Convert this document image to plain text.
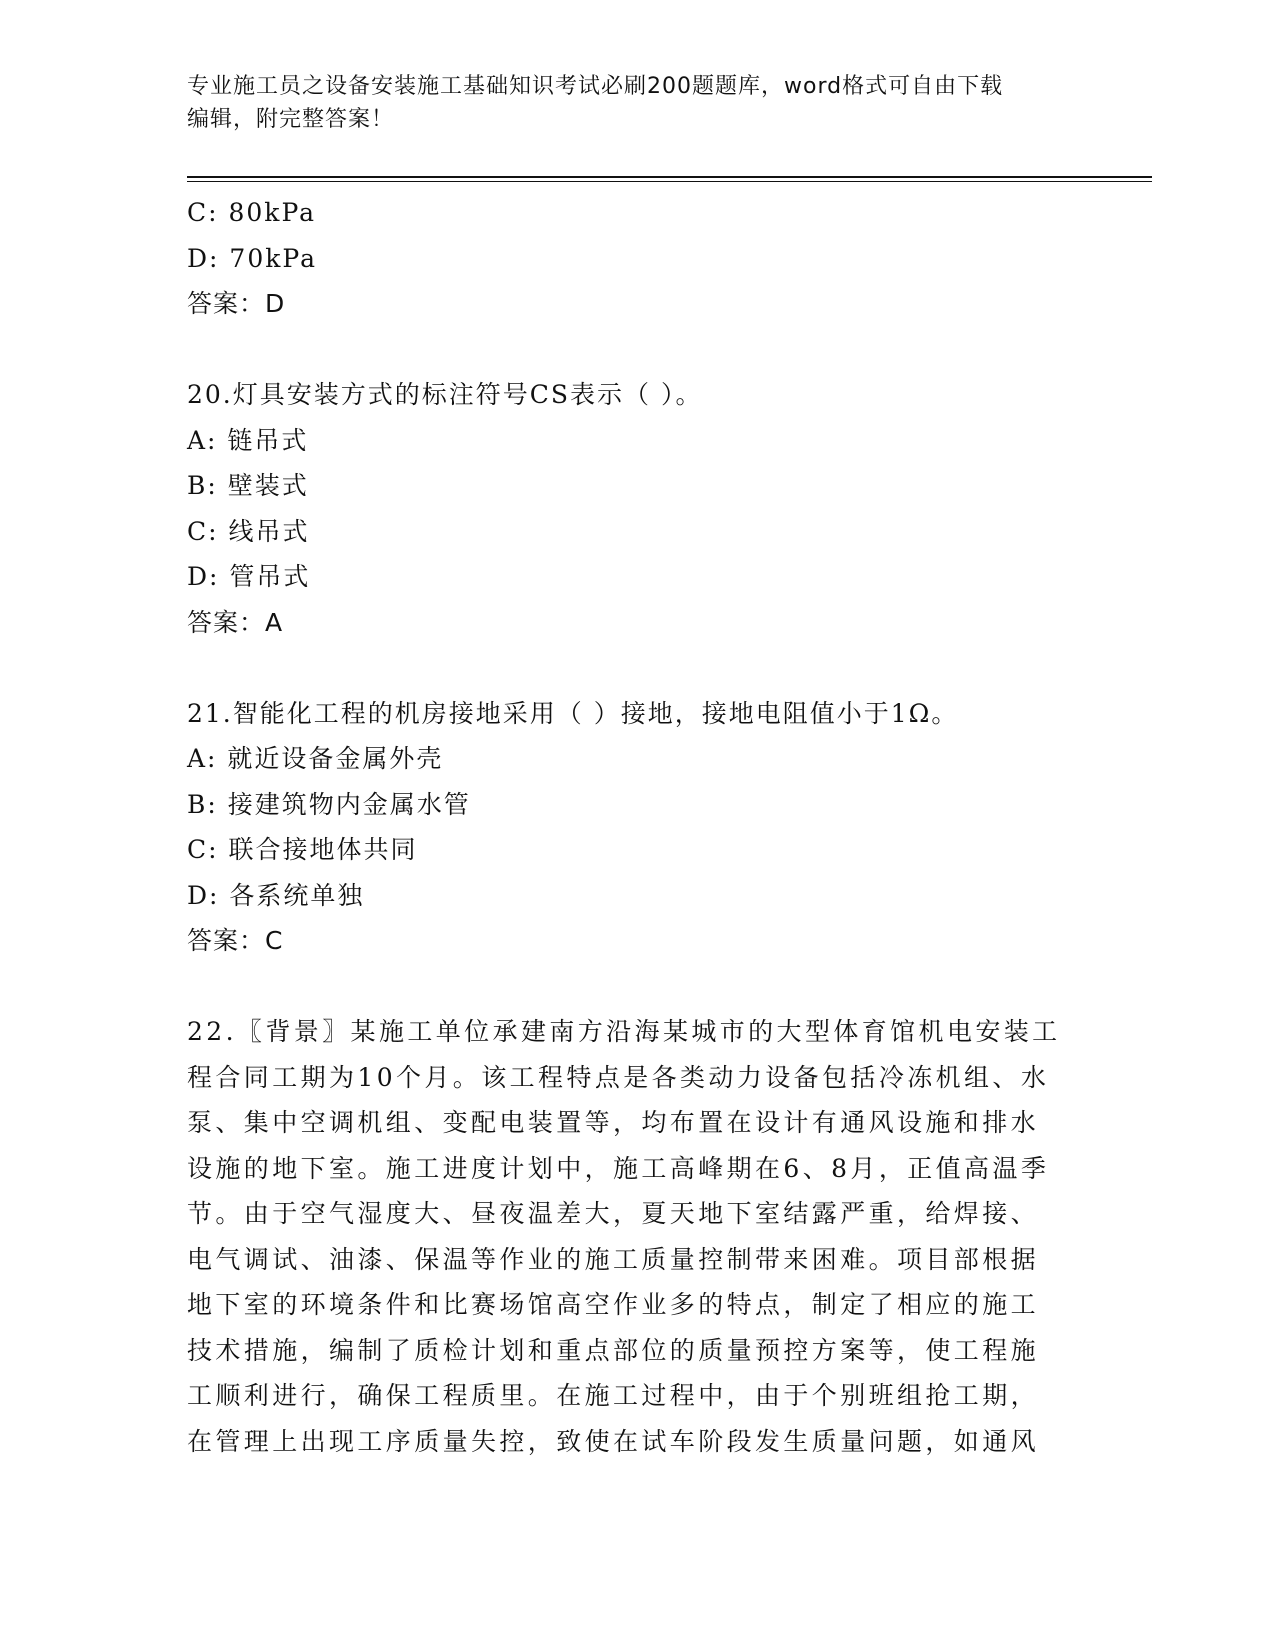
专业施工员之设备安装施工基础知识考试必刷200题题库，word格式可自由下载
编辑，附完整答案！
C: 80kPa
D: 70kPa
答案：D
20.灯具安装方式的标注符号CS表示（ ）。
A: 链吊式
B: 壁装式
C: 线吊式
D: 管吊式
答案：A
21.智能化工程的机房接地采用（ ）接地，接地电阻值小于1Ω。
A: 就近设备金属外壳
B: 接建筑物内金属水管
C: 联合接地体共同
D: 各系统单独
答案：C
22.〖背景〗某施工单位承建南方沿海某城市的大型体育馆机电安装工
程合同工期为10个月。该工程特点是各类动力设备包括冷冻机组、水
泵、集中空调机组、变配电装置等，均布置在设计有通风设施和排水
设施的地下室。施工进度计划中，施工高峰期在6、8月，正值高温季
节。由于空气湿度大、昼夜温差大，夏天地下室结露严重，给焊接、
电气调试、油漆、保温等作业的施工质量控制带来困难。项目部根据
地下室的环境条件和比赛场馆高空作业多的特点，制定了相应的施工
技术措施，编制了质检计划和重点部位的质量预控方案等，使工程施
工顺利进行，确保工程质里。在施工过程中，由于个别班组抢工期，
在管理上出现工序质量失控，致使在试车阶段发生质量问题，如通风
